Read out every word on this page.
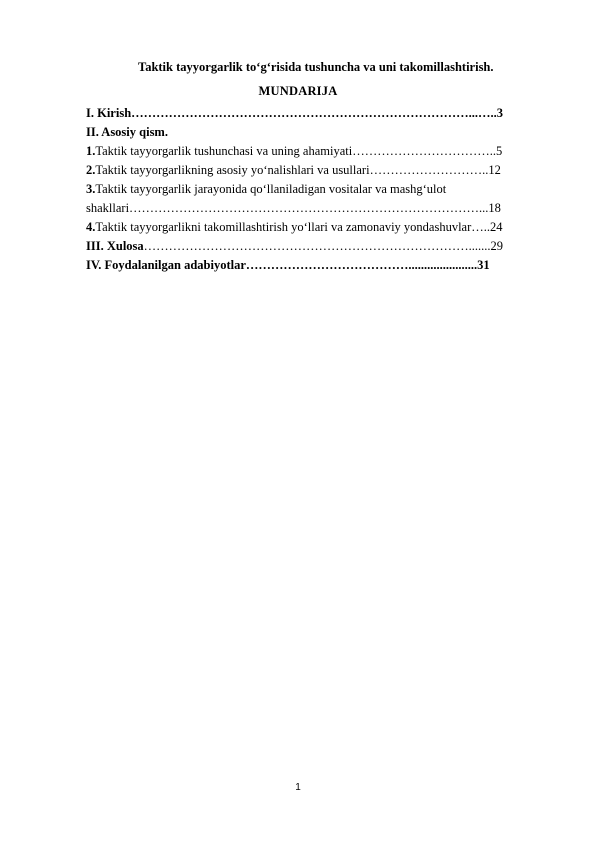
Taktik tayyorgarlik to‘g‘risida tushuncha va uni takomillashtirish.
MUNDARIJA
I. Kirish………………………………………………………………………...…..3
II. Asosiy qism.
1.Taktik tayyorgarlik tushunchasi va uning ahamiyati……………………………..5
2.Taktik tayyorgarlikning asosiy yo‘nalishlari va usullari………………………..12
3.Taktik tayyorgarlik jarayonida qo‘llaniladigan vositalar va mashg‘ulot
shakllari…………………………………………………………………………...18
4.Taktik tayyorgarlikni takomillashtirish yo‘llari va zamonaviy yondashuvlar…..24
III. Xulosa…………………………………………………………………….......29
IV. Foydalanilgan adabiyotlar…………………………………......................31
1
